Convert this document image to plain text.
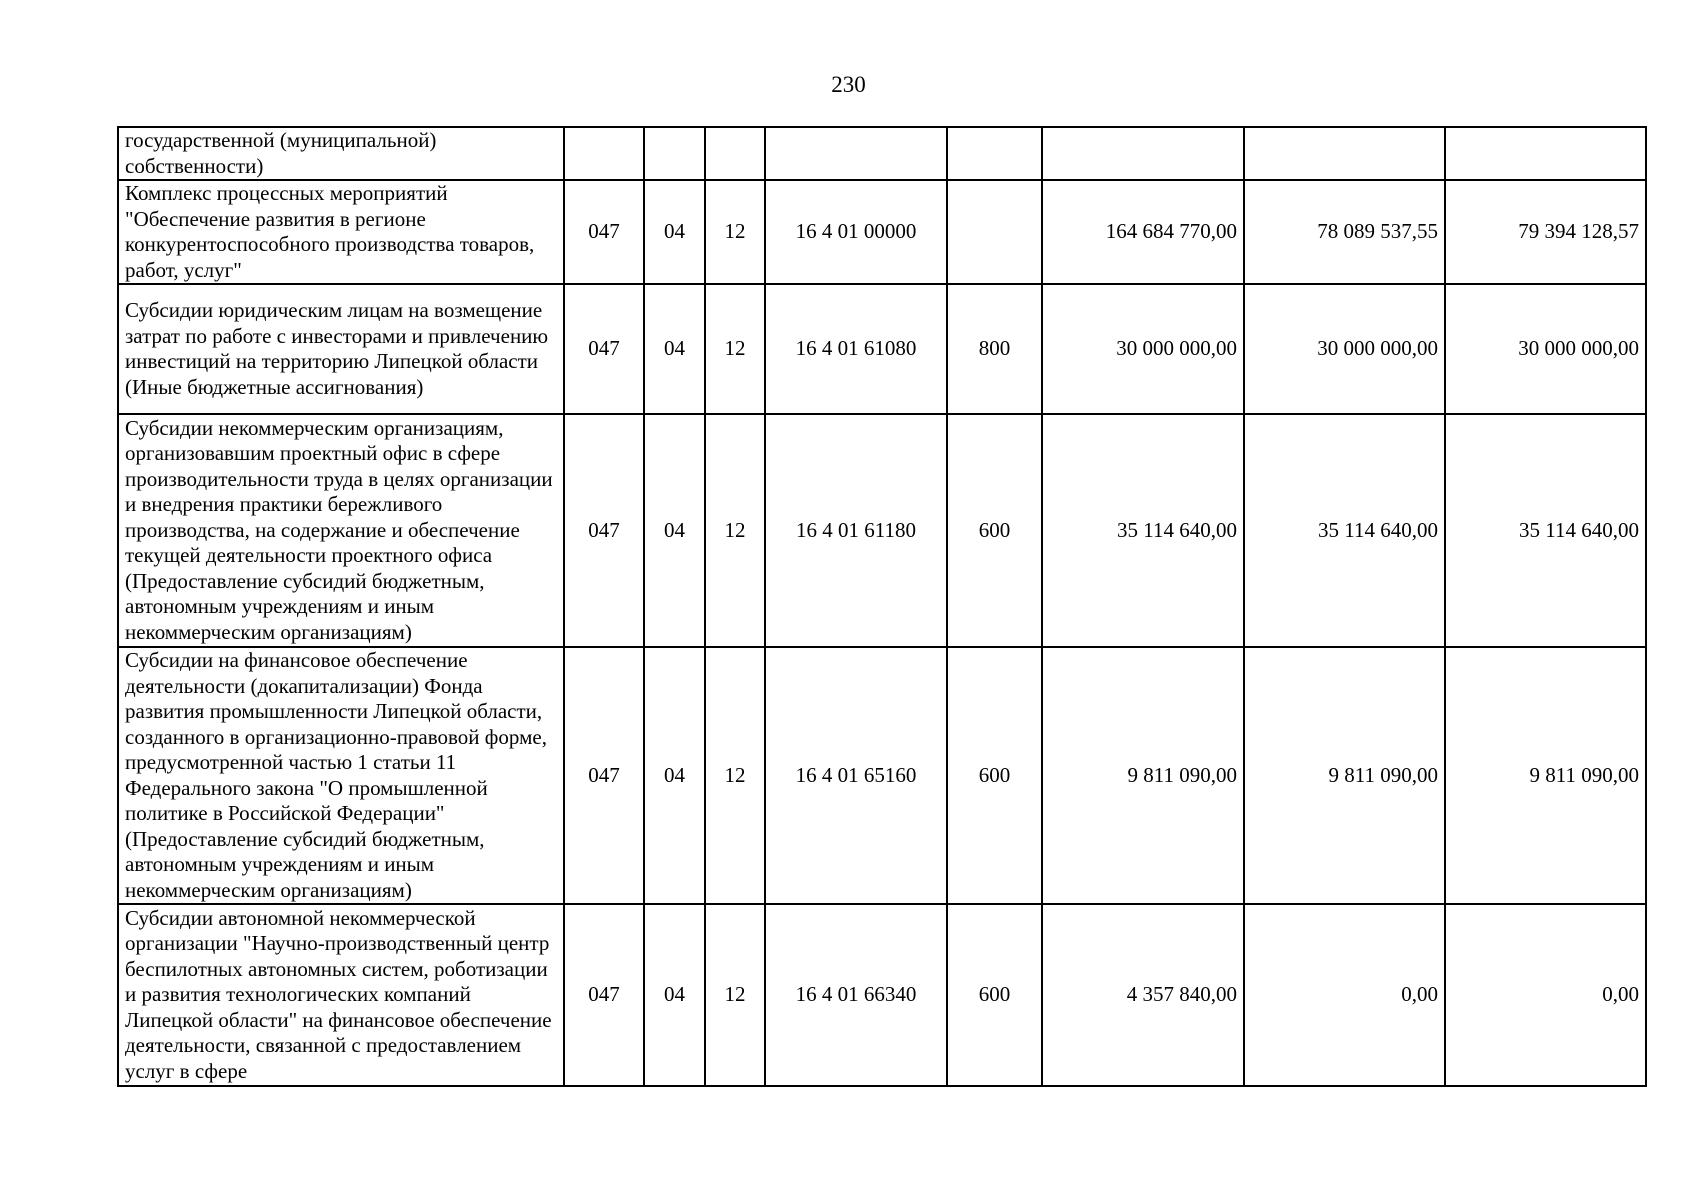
230
государственной (муниципальной) собственности)								
Комплекс процессных мероприятий "Обеспечение развития в регионе конкурентоспособного производства товаров, работ, услуг"	047	04	12	16 4 01 00000		164 684 770,00	78 089 537,55	79 394 128,57
Субсидии юридическим лицам на возмещение затрат по работе с инвесторами и привлечению инвестиций на территорию Липецкой области (Иные бюджетные ассигнования)	047	04	12	16 4 01 61080	800	30 000 000,00	30 000 000,00	30 000 000,00
Субсидии некоммерческим организациям, организовавшим проектный офис в сфере производительности труда в целях организации и внедрения практики бережливого производства, на содержание и обеспечение текущей деятельности проектного офиса (Предоставление субсидий бюджетным, автономным учреждениям и иным некоммерческим организациям)	047	04	12	16 4 01 61180	600	35 114 640,00	35 114 640,00	35 114 640,00
Субсидии на финансовое обеспечение деятельности (докапитализации) Фонда развития промышленности Липецкой области, созданного в организационно-правовой форме, предусмотренной частью 1 статьи 11 Федерального закона "О промышленной политике в Российской Федерации" (Предоставление субсидий бюджетным, автономным учреждениям и иным некоммерческим организациям)	047	04	12	16 4 01 65160	600	9 811 090,00	9 811 090,00	9 811 090,00
Субсидии автономной некоммерческой организации "Научно-производственный центр беспилотных автономных систем, роботизации и развития технологических компаний Липецкой области" на финансовое обеспечение деятельности, связанной с предоставлением услуг в сфере	047	04	12	16 4 01 66340	600	4 357 840,00	0,00	0,00
